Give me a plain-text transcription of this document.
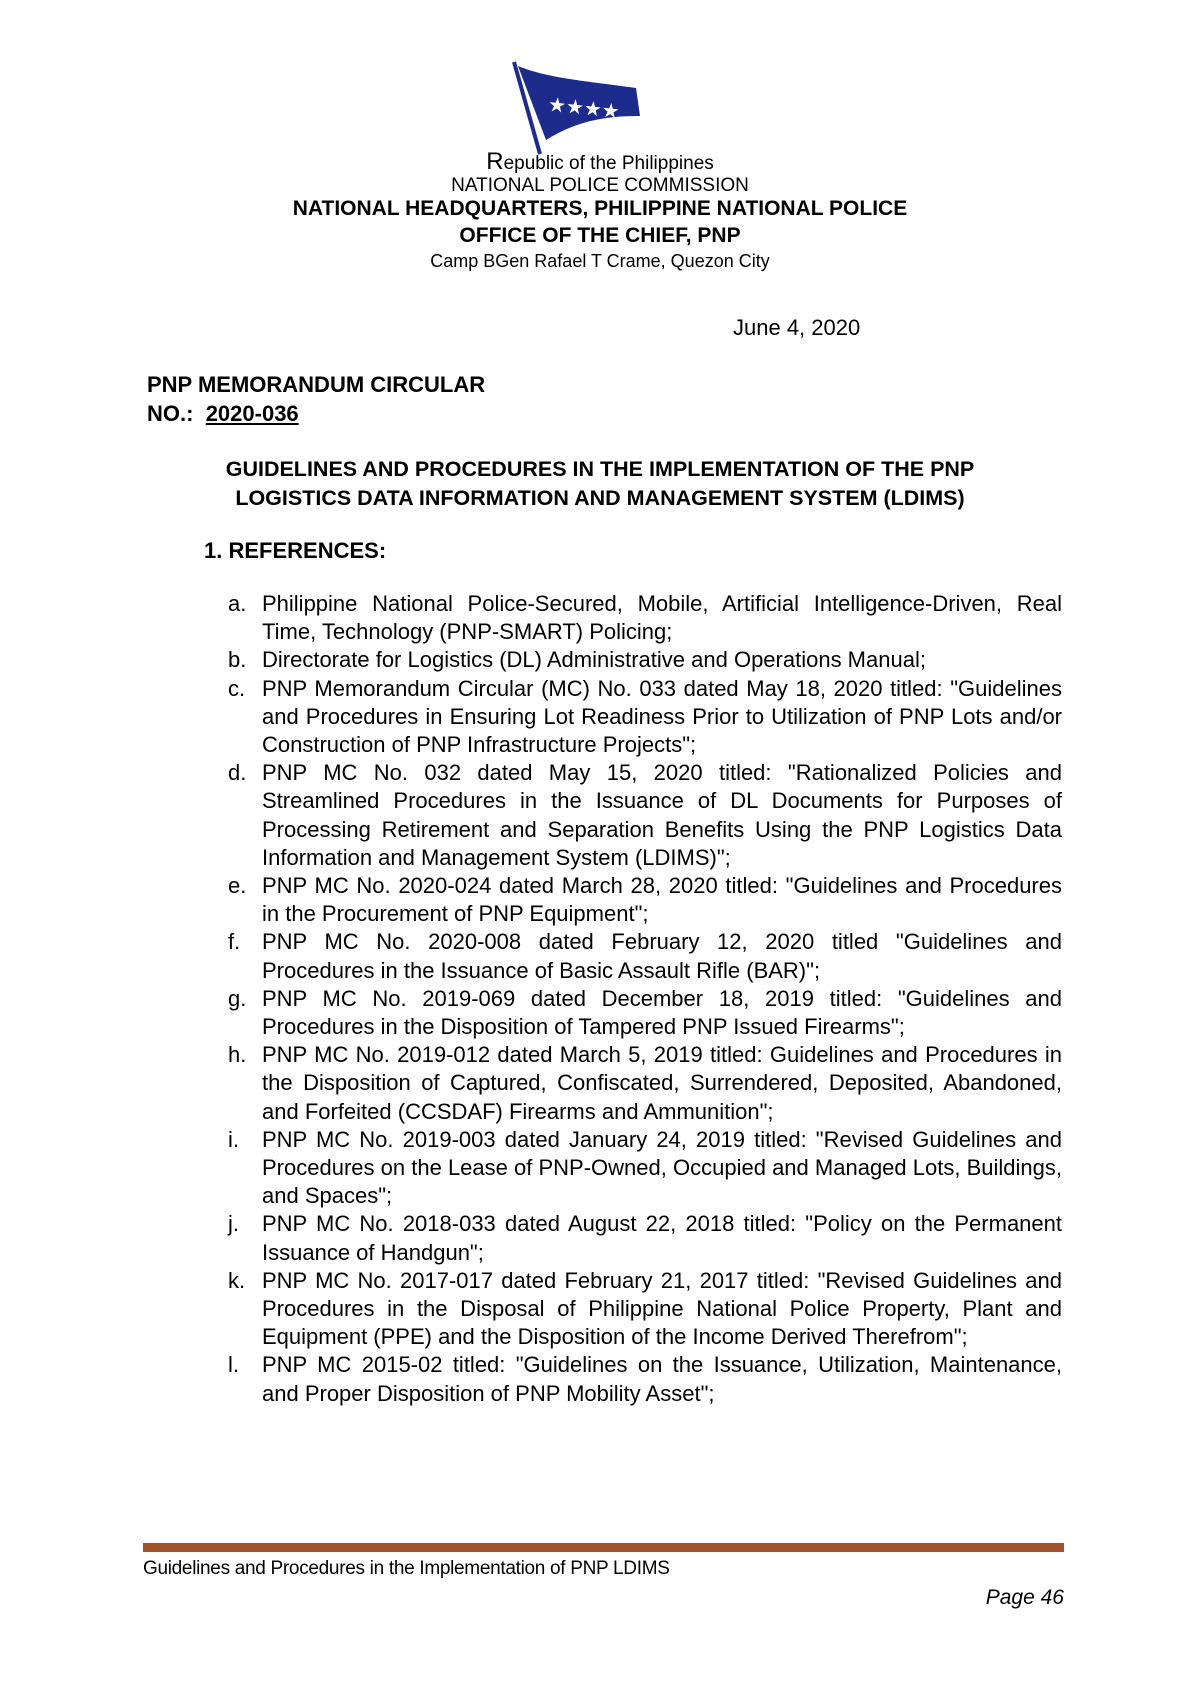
★★★★
Republic of the Philippines
NATIONAL POLICE COMMISSION
NATIONAL HEADQUARTERS, PHILIPPINE NATIONAL POLICE
OFFICE OF THE CHIEF, PNP
Camp BGen Rafael T Crame, Quezon City
June 4, 2020
PNP MEMORANDUM CIRCULAR
NO.: 2020-036
GUIDELINES AND PROCEDURES IN THE IMPLEMENTATION OF THE PNP
LOGISTICS DATA INFORMATION AND MANAGEMENT SYSTEM (LDIMS)
1. REFERENCES:
a. Philippine National Police-Secured, Mobile, Artificial Intelligence-Driven, Real Time, Technology (PNP-SMART) Policing;
b. Directorate for Logistics (DL) Administrative and Operations Manual;
c. PNP Memorandum Circular (MC) No. 033 dated May 18, 2020 titled: "Guidelines and Procedures in Ensuring Lot Readiness Prior to Utilization of PNP Lots and/or Construction of PNP Infrastructure Projects";
d. PNP MC No. 032 dated May 15, 2020 titled: "Rationalized Policies and Streamlined Procedures in the Issuance of DL Documents for Purposes of Processing Retirement and Separation Benefits Using the PNP Logistics Data Information and Management System (LDIMS)";
e. PNP MC No. 2020-024 dated March 28, 2020 titled: "Guidelines and Procedures in the Procurement of PNP Equipment";
f. PNP MC No. 2020-008 dated February 12, 2020 titled "Guidelines and Procedures in the Issuance of Basic Assault Rifle (BAR)";
g. PNP MC No. 2019-069 dated December 18, 2019 titled: "Guidelines and Procedures in the Disposition of Tampered PNP Issued Firearms";
h. PNP MC No. 2019-012 dated March 5, 2019 titled: Guidelines and Procedures in the Disposition of Captured, Confiscated, Surrendered, Deposited, Abandoned, and Forfeited (CCSDAF) Firearms and Ammunition";
i.	PNP MC No. 2019-003 dated January 24, 2019 titled: "Revised Guidelines and Procedures on the Lease of PNP-Owned, Occupied and Managed Lots, Buildings, and Spaces";
j.	PNP MC No. 2018-033 dated August 22, 2018 titled: "Policy on the Permanent Issuance of Handgun";
k. PNP MC No. 2017-017 dated February 21, 2017 titled: "Revised Guidelines and Procedures in the Disposal of Philippine National Police Property, Plant and Equipment (PPE) and the Disposition of the Income Derived Therefrom";
l.	PNP MC 2015-02 titled: "Guidelines on the Issuance, Utilization, Maintenance, and Proper Disposition of PNP Mobility Asset";
Guidelines and Procedures in the Implementation of PNP LDIMS
Page 46
